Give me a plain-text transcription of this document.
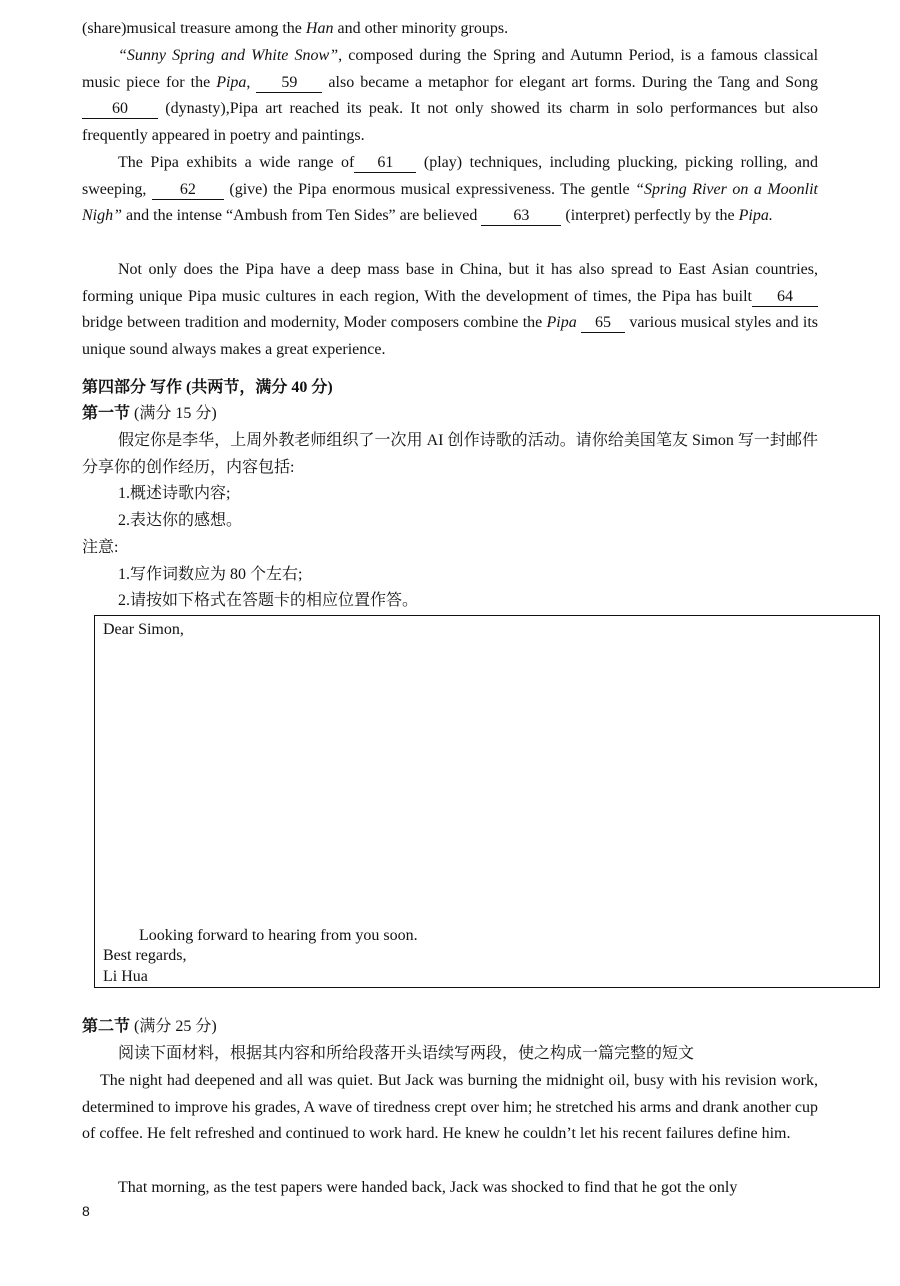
(share)musical treasure among the Han and other minority groups.

“Sunny Spring and White Snow”, composed during the Spring and Autumn Period, is a famous classical music piece for the Pipa, 59 also became a metaphor for elegant art forms. During the Tang and Song 60 (dynasty),Pipa art reached its peak. It not only showed its charm in solo performances but also frequently appeared in poetry and paintings.

The Pipa exhibits a wide range of 61 (play) techniques, including plucking, picking rolling, and sweeping, 62 (give) the Pipa enormous musical expressiveness. The gentle “Spring River on a Moonlit Nigh” and the intense “Ambush from Ten Sides” are believed 63 (interpret) perfectly by the Pipa.

Not only does the Pipa have a deep mass base in China, but it has also spread to East Asian countries, forming unique Pipa music cultures in each region, With the development of times, the Pipa has built 64 bridge between tradition and modernity, Moder composers combine the Pipa 65 various musical styles and its unique sound always makes a great experience.

第四部分 写作 (共两节，满分 40 分)

第一节 (满分 15 分)

假定你是李华，上周外教老师组织了一次用 AI 创作诗歌的活动。请你给美国笔友 Simon 写一封邮件分享你的创作经历，内容包括:

1.概述诗歌内容;

2.表达你的感想。

注意:

1.写作词数应为 80 个左右;

2.请按如下格式在答题卡的相应位置作答。

Dear Simon,

Looking forward to hearing from you soon.

Best regards,

Li Hua

第二节 (满分 25 分)

阅读下面材料，根据其内容和所给段落开头语续写两段，使之构成一篇完整的短文

The night had deepened and all was quiet. But Jack was burning the midnight oil, busy with his revision work, determined to improve his grades, A wave of tiredness crept over him; he stretched his arms and drank another cup of coffee. He felt refreshed and continued to work hard. He knew he couldn’t let his recent failures define him.

That morning, as the test papers were handed back, Jack was shocked to find that he got the only

8
